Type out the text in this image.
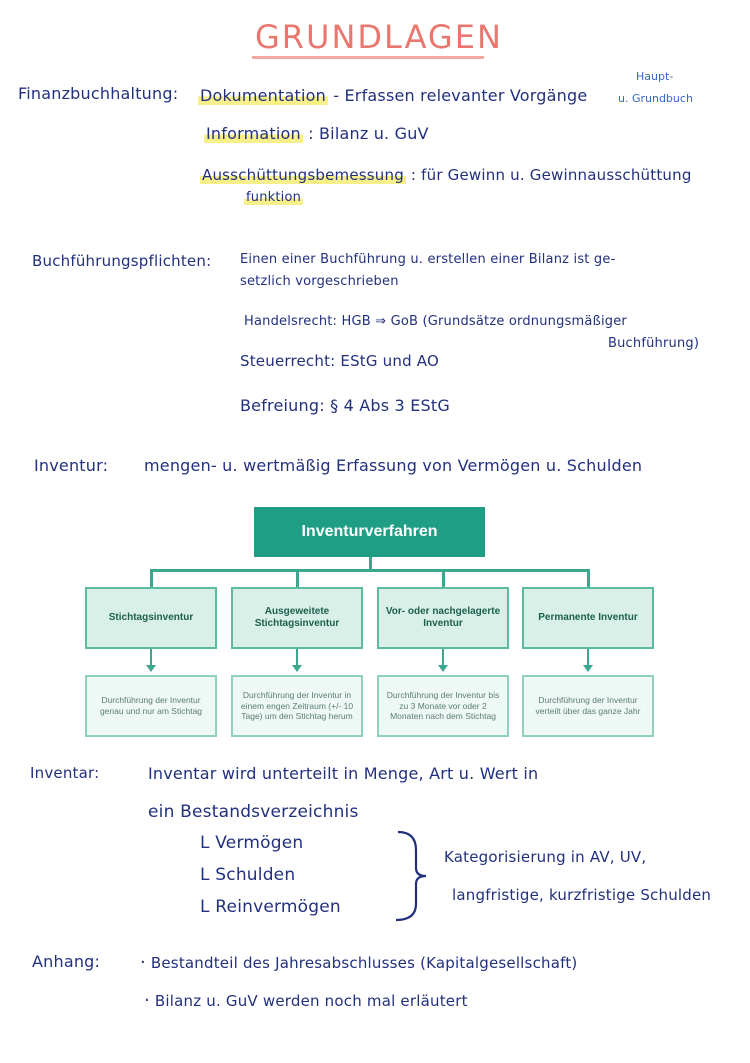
GRUNDLAGEN
Finanzbuchhaltung: Dokumentation - Erfassen relevanter Vorgänge
Haupt-
u. Grundbuch
Information : Bilanz u. GuV
Ausschüttungsbemessung : für Gewinn u. Gewinnausschüttung
funktion
Buchführungspflichten: Einen einer Buchführung u. erstellen einer Bilanz ist ge-
setzlich vorgeschrieben
Handelsrecht: HGB ⇒ GoB (Grundsätze ordnungsmäßiger
Buchführung)
Steuerrecht: EStG und AO
Befreiung: § 4 Abs 3 EStG
Inventur: mengen- u. wertmäßig Erfassung von Vermögen u. Schulden
Inventurverfahren
Stichtagsinventur
Ausgeweitete Stichtagsinventur
Vor- oder nachgelagerte Inventur
Permanente Inventur
Durchführung der Inventur genau und nur am Stichtag
Durchführung der Inventur in einem engen Zeitraum (+/- 10 Tage) um den Stichtag herum
Durchführung der Inventur bis zu 3 Monate vor oder 2 Monaten nach dem Stichtag
Durchführung der Inventur verteilt über das ganze Jahr
Inventar:	Inventar wird unterteilt in Menge, Art u. Wert in
ein Bestandsverzeichnis
L Vermögen
L Schulden
L Reinvermögen
Kategorisierung in AV, UV,
langfristige, kurzfristige Schulden
Anhang: · Bestandteil des Jahresabschlusses (Kapitalgesellschaft)
· Bilanz u. GuV werden noch mal erläutert
